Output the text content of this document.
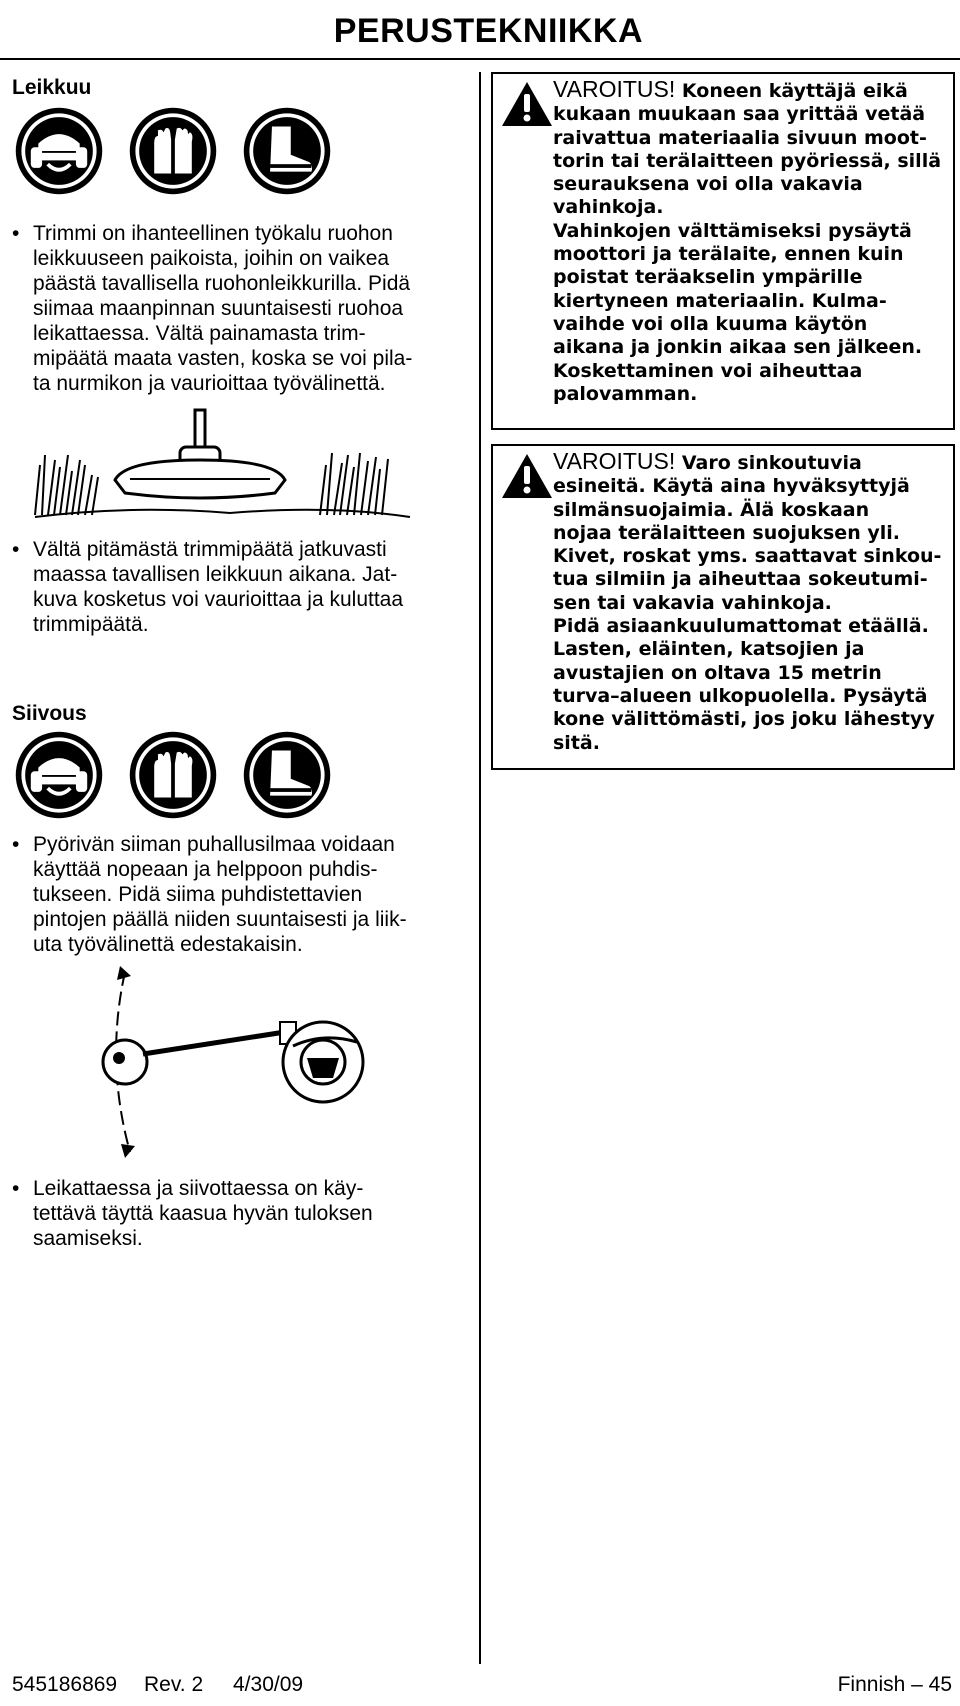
PERUSTEKNIIKKA
Leikkuu
• Trimmi on ihanteellinen työkalu ruohon
leikkuuseen paikoista, joihin on vaikea
päästä tavallisella ruohonleikkurilla. Pidä
siimaa maanpinnan suuntaisesti ruohoa
leikattaessa. Vältä painamasta trim-
mipäätä maata vasten, koska se voi pila-
ta nurmikon ja vaurioittaa työvälinettä.
• Vältä pitämästä trimmipäätä jatkuvasti
maassa tavallisen leikkuun aikana. Jat-
kuva kosketus voi vaurioittaa ja kuluttaa
trimmipäätä.
Siivous
• Pyörivän siiman puhallusilmaa voidaan
käyttää nopeaan ja helppoon puhdis-
tukseen. Pidä siima puhdistettavien
pintojen päällä niiden suuntaisesti ja liik-
uta työvälinettä edestakaisin.
• Leikattaessa ja siivottaessa on käy-
tettävä täyttä kaasua hyvän tuloksen
saamiseksi.
VAROITUS! Koneen käyttäjä eikä
kukaan muukaan saa yrittää vetää
raivattua materiaalia sivuun moot-
torin tai terälaitteen pyöriessä, sillä
seurauksena voi olla vakavia
vahinkoja.
Vahinkojen välttämiseksi pysäytä
moottori ja terälaite, ennen kuin
poistat teräakselin ympärille
kiertyneen materiaalin. Kulma-
vaihde voi olla kuuma käytön
aikana ja jonkin aikaa sen jälkeen.
Koskettaminen voi aiheuttaa
palovamman.
VAROITUS! Varo sinkoutuvia
esineitä. Käytä aina hyväksyttyjä
silmänsuojaimia. Älä koskaan
nojaa terälaitteen suojuksen yli.
Kivet, roskat yms. saattavat sinkou-
tua silmiin ja aiheuttaa sokeutumi-
sen tai vakavia vahinkoja.
Pidä asiaankuulumattomat etäällä.
Lasten, eläinten, katsojien ja
avustajien on oltava 15 metrin
turva–alueen ulkopuolella. Pysäytä
kone välittömästi, jos joku lähestyy
sitä.
545186869 Rev. 2 4/30/09	Finnish – 45
